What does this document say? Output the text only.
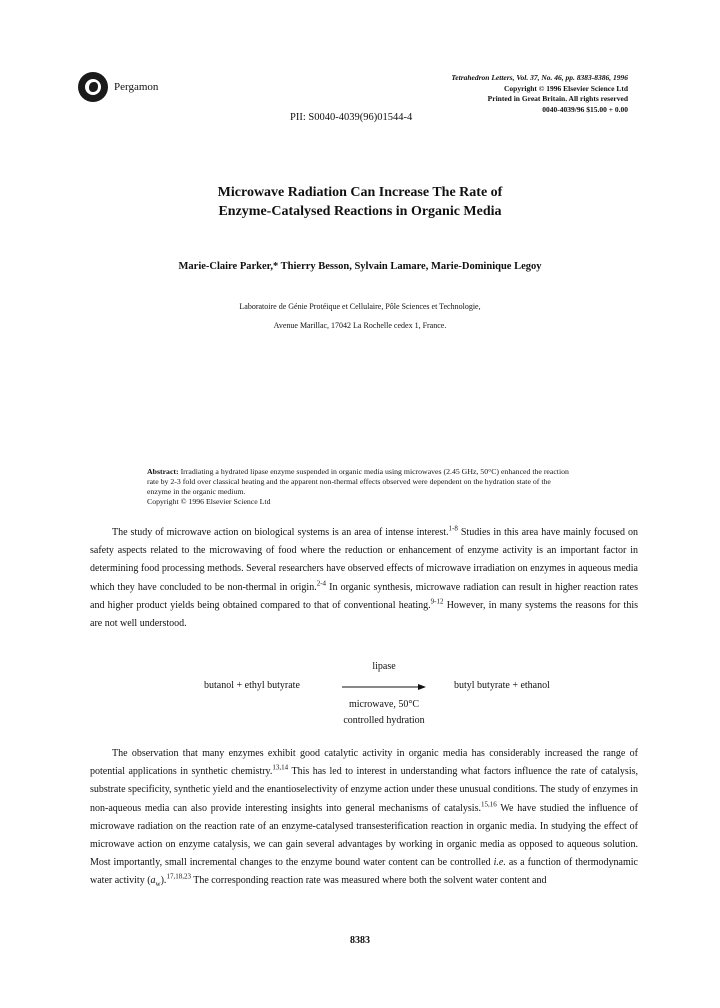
Pergamon
Tetrahedron Letters, Vol. 37, No. 46, pp. 8383-8386, 1996
Copyright © 1996 Elsevier Science Ltd
Printed in Great Britain. All rights reserved
0040-4039/96 $15.00 + 0.00
PII: S0040-4039(96)01544-4
Microwave Radiation Can Increase The Rate of
Enzyme-Catalysed Reactions in Organic Media
Marie-Claire Parker,* Thierry Besson, Sylvain Lamare, Marie-Dominique Legoy
Laboratoire de Génie Protéique et Cellulaire, Pôle Sciences et Technologie,
Avenue Marillac, 17042 La Rochelle cedex 1, France.
Abstract: Irradiating a hydrated lipase enzyme suspended in organic media using microwaves (2.45 GHz, 50°C) enhanced the reaction rate by 2-3 fold over classical heating and the apparent non-thermal effects observed were dependent on the hydration state of the enzyme in the organic medium.
Copyright © 1996 Elsevier Science Ltd
The study of microwave action on biological systems is an area of intense interest.$^{1-8}$ Studies in this area have mainly focused on safety aspects related to the microwaving of food where the reduction or enhancement of enzyme activity is an important factor in determining food processing methods. Several researchers have observed effects of microwave irradiation on enzymes in aqueous media which they have concluded to be non-thermal in origin.$^{2-4}$ In organic synthesis, microwave radiation can result in higher reaction rates and higher product yields being obtained compared to that of conventional heating.$^{9-12}$ However, in many systems the reasons for this are not well understood.
butanol + ethyl butyrate
lipase
microwave, 50°C
controlled hydration
butyl butyrate + ethanol
The observation that many enzymes exhibit good catalytic activity in organic media has considerably increased the range of potential applications in synthetic chemistry.$^{13,14}$ This has led to interest in understanding what factors influence the rate of catalysis, substrate specificity, synthetic yield and the enantioselectivity of enzyme action under these unusual conditions. The study of enzymes in non-aqueous media can also provide interesting insights into general mechanisms of catalysis.$^{15,16}$ We have studied the influence of microwave radiation on the reaction rate of an enzyme-catalysed transesterification reaction in organic media. In studying the effect of microwave action on enzyme catalysis, we can gain several advantages by working in organic media as opposed to aqueous solution. Most importantly, small incremental changes to the enzyme bound water content can be controlled i.e. as a function of thermodynamic water activity $(a_w).^{17,18,23}$ The corresponding reaction rate was measured where both the solvent water content and
8383
